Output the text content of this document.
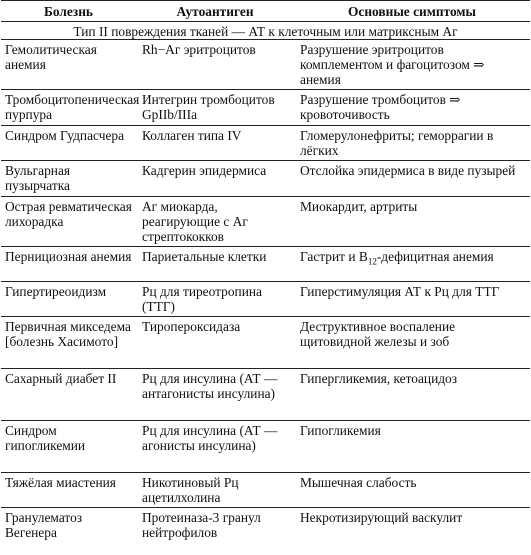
Болезнь	Аутоантиген	Основные симптомы
Тип II повреждения тканей — АТ к клеточным или матриксным Аг		
Гемолитическая анемия	Rh−Аг эритроцитов	Разрушение эритроцитов комплементом и фагоцитозом ⇒ анемия
Тромбоцитопеническая пурпура	Интегрин тромбоцитов GpIIb/IIIa	Разрушение тромбоцитов ⇒ кровоточивость
Синдром Гудпасчера	Коллаген типа IV	Гломерулонефриты; геморрагии в лёгких
Вульгарная пузырчатка	Кадгерин эпидермиса	Отслойка эпидермиса в виде пузырей
Острая ревматическая лихорадка	Аг миокарда, реагирующие с Аг стрептококков	Миокардит, артриты
Пернициозная анемия	Париетальные клетки	Гастрит и $B_{12}$-дефицитная анемия
Гипертиреоидизм	Рц для тиреотропина (ТТГ)	Гиперстимуляция АТ к Рц для ТТГ
Первичная микседема [болезнь Хасимото]	Тиропероксидаза	Деструктивное воспаление щитовидной железы и зоб
Сахарный диабет II	Рц для инсулина (АТ — антагонисты инсулина)	Гипергликемия, кетоацидоз
Синдром гипогликемии	Рц для инсулина (АТ — агонисты инсулина)	Гипогликемия
Тяжёлая миастения	Никотиновый Рц ацетилхолина	Мышечная слабость
Гранулематоз Вегенера	Протеиназа-3 гранул нейтрофилов	Некротизирующий васкулит
